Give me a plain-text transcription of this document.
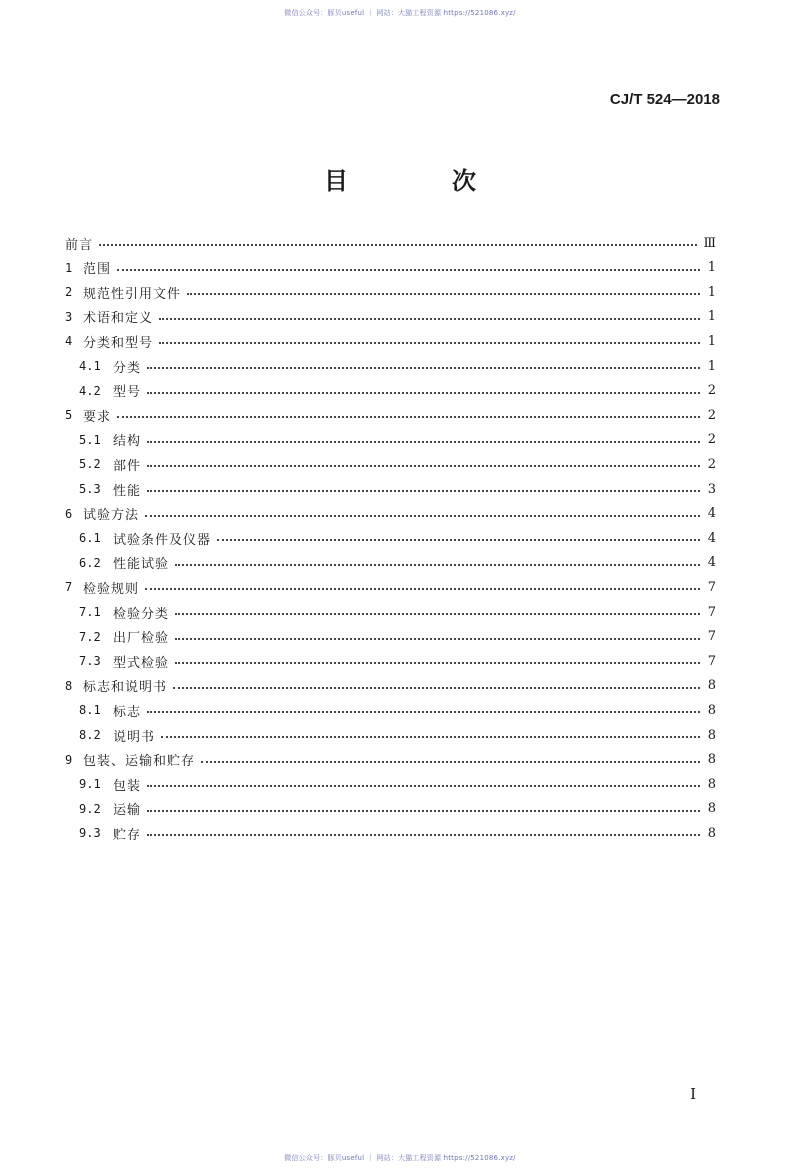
微信公众号：豚贝useful ｜ 网站：大猫工程资源 https://521086.xyz/
CJ/T 524—2018
目　次
前言	Ⅲ
1 范围	1
2 规范性引用文件	1
3 术语和定义	1
4 分类和型号	1
4.1 分类	1
4.2 型号	2
5 要求	2
5.1 结构	2
5.2 部件	2
5.3 性能	3
6 试验方法	4
6.1 试验条件及仪器	4
6.2 性能试验	4
7 检验规则	7
7.1 检验分类	7
7.2 出厂检验	7
7.3 型式检验	7
8 标志和说明书	8
8.1 标志	8
8.2 说明书	8
9 包装、运输和贮存	8
9.1 包装	8
9.2 运输	8
9.3 贮存	8
I
微信公众号：豚贝useful ｜ 网站：大猫工程资源 https://521086.xyz/
